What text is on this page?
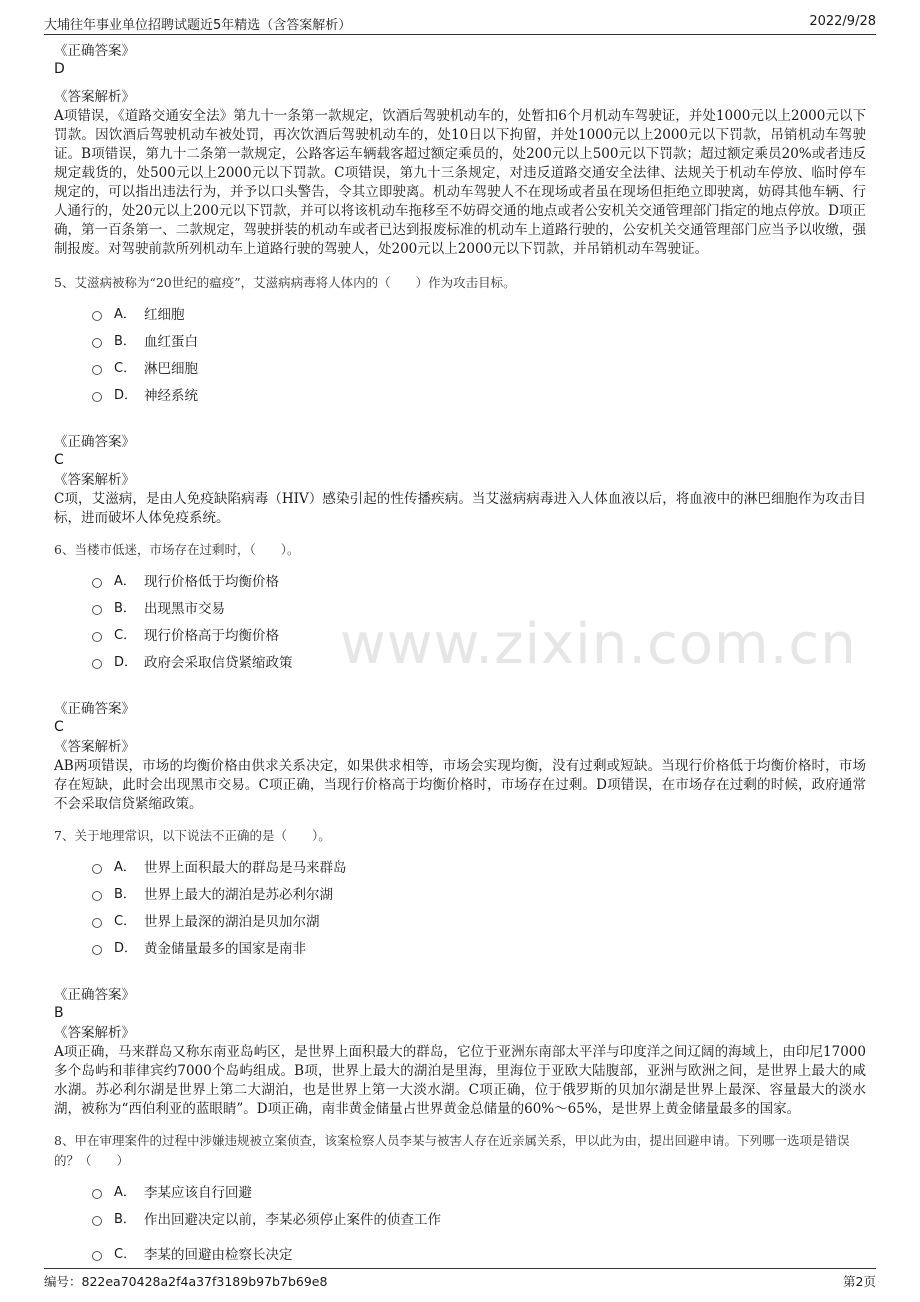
大埔往年事业单位招聘试题近5年精选（含答案解析）	2022/9/28
www.zixin.com.cn
《正确答案》
D
《答案解析》

A项错误，《道路交通安全法》第九十一条第一款规定，饮酒后驾驶机动车的，处暂扣6个月机动车驾驶证，并处1000元以上2000元以下罚款。因饮酒后驾驶机动车被处罚，再次饮酒后驾驶机动车的，处10日以下拘留，并处1000元以上2000元以下罚款，吊销机动车驾驶证。B项错误，第九十二条第一款规定，公路客运车辆载客超过额定乘员的，处200元以上500元以下罚款；超过额定乘员20%或者违反规定载货的，处500元以上2000元以下罚款。C项错误，第九十三条规定，对违反道路交通安全法律、法规关于机动车停放、临时停车规定的，可以指出违法行为，并予以口头警告，令其立即驶离。机动车驾驶人不在现场或者虽在现场但拒绝立即驶离，妨碍其他车辆、行人通行的，处20元以上200元以下罚款，并可以将该机动车拖移至不妨碍交通的地点或者公安机关交通管理部门指定的地点停放。D项正确，第一百条第一、二款规定，驾驶拼装的机动车或者已达到报废标准的机动车上道路行驶的，公安机关交通管理部门应当予以收缴，强制报废。对驾驶前款所列机动车上道路行驶的驾驶人，处200元以上2000元以下罚款，并吊销机动车驾驶证。

5、艾滋病被称为“20世纪的瘟疫”，艾滋病病毒将人体内的（　　）作为攻击目标。
A． 红细胞
B． 血红蛋白
C． 淋巴细胞
D． 神经系统
《正确答案》
C
《答案解析》

C项，艾滋病，是由人免疫缺陷病毒（HIV）感染引起的性传播疾病。当艾滋病病毒进入人体血液以后，将血液中的淋巴细胞作为攻击目标，进而破坏人体免疫系统。

6、当楼市低迷，市场存在过剩时，（　　）。
A． 现行价格低于均衡价格
B． 出现黑市交易
C． 现行价格高于均衡价格
D． 政府会采取信贷紧缩政策
《正确答案》
C
《答案解析》

AB两项错误，市场的均衡价格由供求关系决定，如果供求相等，市场会实现均衡，没有过剩或短缺。当现行价格低于均衡价格时，市场存在短缺，此时会出现黑市交易。C项正确，当现行价格高于均衡价格时，市场存在过剩。D项错误，在市场存在过剩的时候，政府通常不会采取信贷紧缩政策。

7、关于地理常识，以下说法不正确的是（　　）。
A． 世界上面积最大的群岛是马来群岛
B． 世界上最大的湖泊是苏必利尔湖
C． 世界上最深的湖泊是贝加尔湖
D． 黄金储量最多的国家是南非
《正确答案》
B
《答案解析》

A项正确，马来群岛又称东南亚岛屿区，是世界上面积最大的群岛，它位于亚洲东南部太平洋与印度洋之间辽阔的海域上，由印尼17000多个岛屿和菲律宾约7000个岛屿组成。B项，世界上最大的湖泊是里海，里海位于亚欧大陆腹部，亚洲与欧洲之间，是世界上最大的咸水湖。苏必利尔湖是世界上第二大湖泊，也是世界上第一大淡水湖。C项正确，位于俄罗斯的贝加尔湖是世界上最深、容量最大的淡水湖，被称为“西伯利亚的蓝眼睛”。D项正确，南非黄金储量占世界黄金总储量的60%～65%，是世界上黄金储量最多的国家。

8、甲在审理案件的过程中涉嫌违规被立案侦查，该案检察人员李某与被害人存在近亲属关系，甲以此为由，提出回避申请。下列哪一选项是错误的？（　　）
A． 李某应该自行回避
B． 作出回避决定以前，李某必须停止案件的侦查工作
C． 李某的回避由检察长决定
编号：822ea70428a2f4a37f3189b97b7b69e8	第2页
